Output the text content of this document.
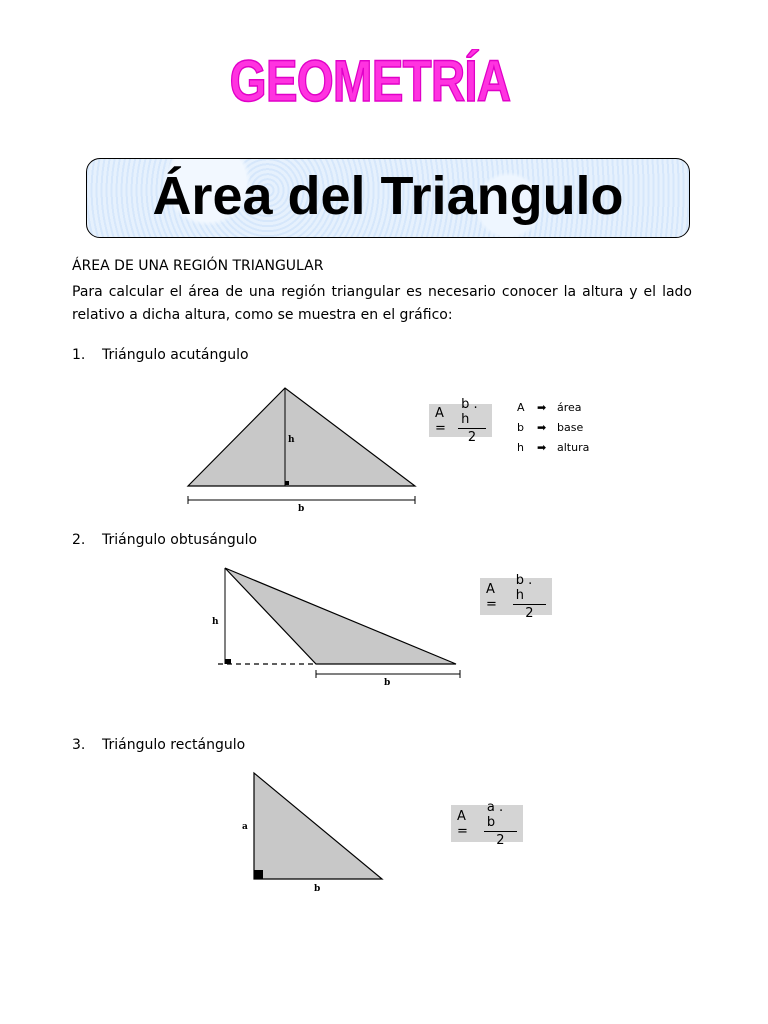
GEOMETRÍA
Área del Triangulo
ÁREA DE UNA REGIÓN TRIANGULAR
Para calcular el área de una región triangular es necesario conocer la altura y el lado relativo a dicha altura, como se muestra en el gráfico:
1. Triángulo acutángulo
2. Triángulo obtusángulo
3. Triángulo rectángulo
h
b
h
b
a
b
$A = \frac{b . h}{2}$
A =	$\frac{b . h}{2}$
A =	$\frac{a . b}{2}$
A	➡ área
b	➡ base
h	➡ altura
